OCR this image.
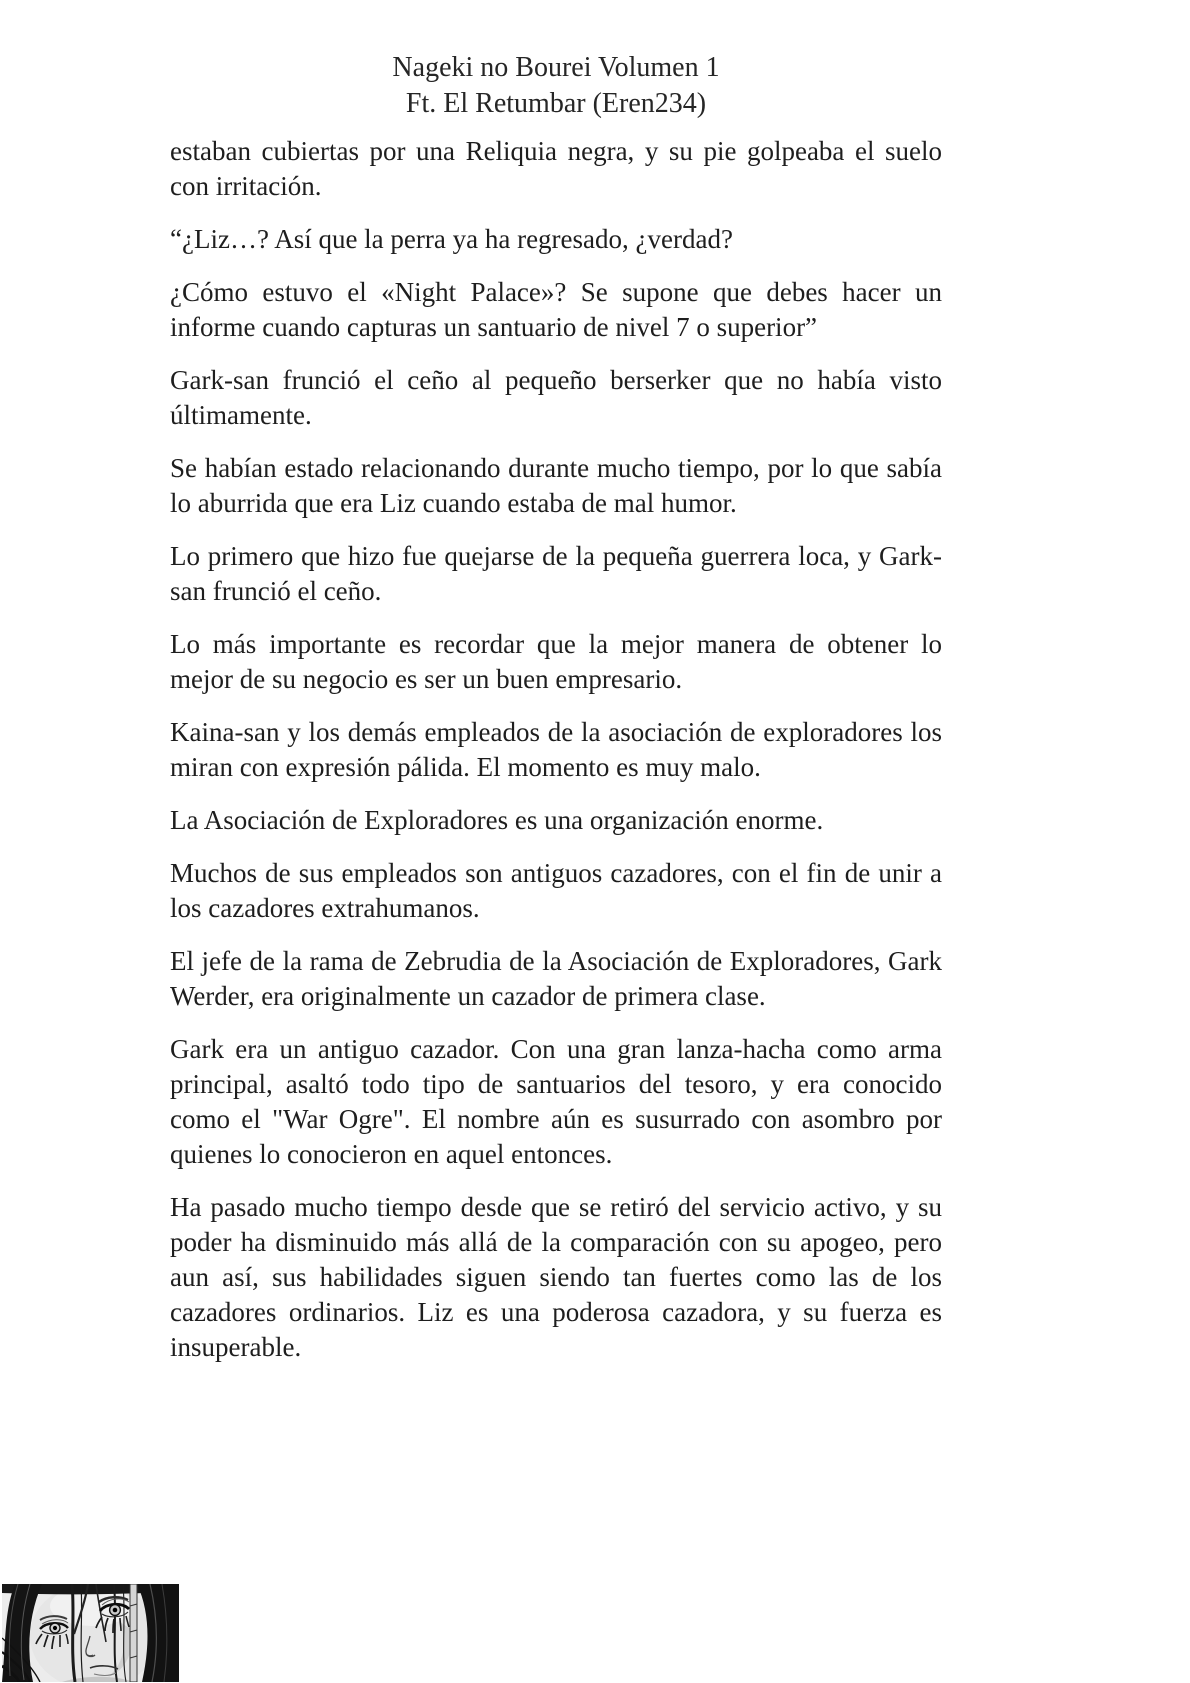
Nageki no Bourei Volumen 1
Ft. El Retumbar (Eren234)

estaban cubiertas por una Reliquia negra, y su pie golpeaba el suelo con irritación.

“¿Liz…? Así que la perra ya ha regresado, ¿verdad?

¿Cómo estuvo el «Night Palace»? Se supone que debes hacer un informe cuando capturas un santuario de nivel 7 o superior”

Gark-san frunció el ceño al pequeño berserker que no había visto últimamente.

Se habían estado relacionando durante mucho tiempo, por lo que sabía lo aburrida que era Liz cuando estaba de mal humor.

Lo primero que hizo fue quejarse de la pequeña guerrera loca, y Gark-san frunció el ceño.

Lo más importante es recordar que la mejor manera de obtener lo mejor de su negocio es ser un buen empresario.

Kaina-san y los demás empleados de la asociación de exploradores los miran con expresión pálida. El momento es muy malo.

La Asociación de Exploradores es una organización enorme.

Muchos de sus empleados son antiguos cazadores, con el fin de unir a los cazadores extrahumanos.

El jefe de la rama de Zebrudia de la Asociación de Exploradores, Gark Werder, era originalmente un cazador de primera clase.

Gark era un antiguo cazador. Con una gran lanza-hacha como arma principal, asaltó todo tipo de santuarios del tesoro, y era conocido como el "War Ogre". El nombre aún es susurrado con asombro por quienes lo conocieron en aquel entonces.

Ha pasado mucho tiempo desde que se retiró del servicio activo, y su poder ha disminuido más allá de la comparación con su apogeo, pero aun así, sus habilidades siguen siendo tan fuertes como las de los cazadores ordinarios. Liz es una poderosa cazadora, y su fuerza es insuperable.
